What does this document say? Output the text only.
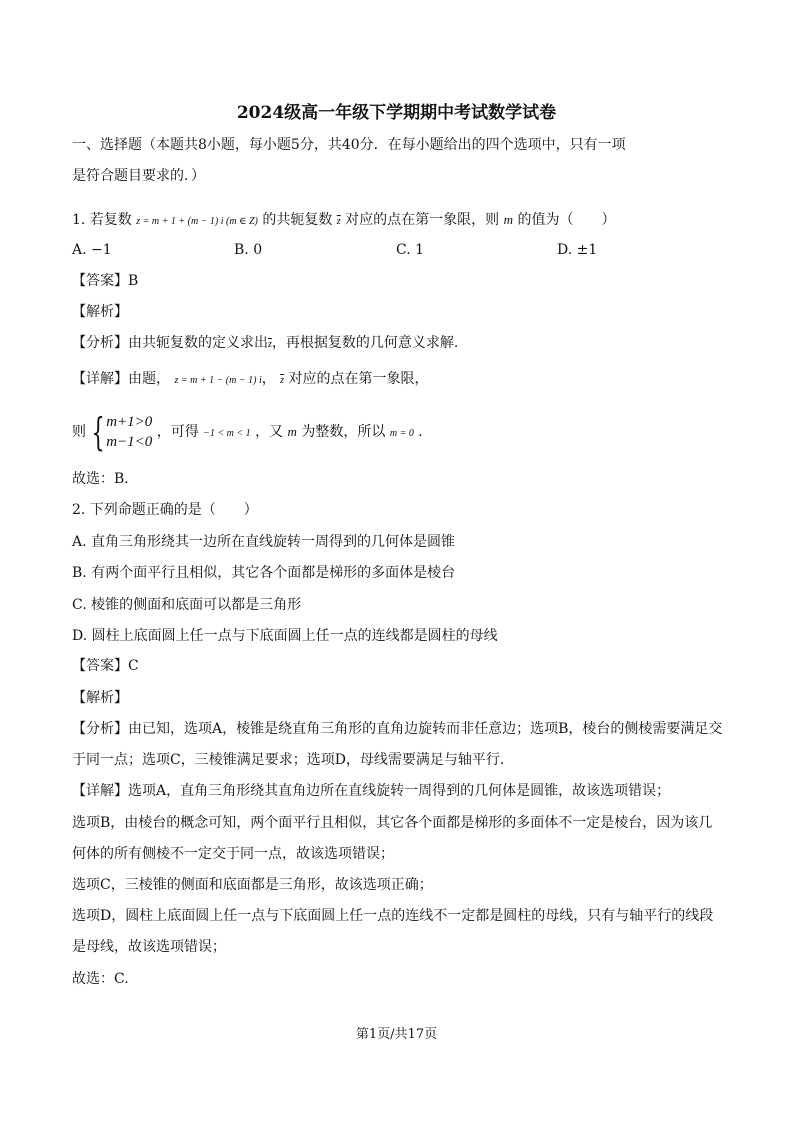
2024级高一年级下学期期中考试数学试卷
一、选择题（本题共8小题，每小题5分，共40分．在每小题给出的四个选项中，只有一项
是符合题目要求的．）
1. 若复数 z = m + 1 + (m − 1) i (m ∈ Z) 的共轭复数 $\overline{z}$ 对应的点在第一象限，则 m 的值为（　　）
A. −1	B. 0	C. 1	D. ±1
【答案】B
【解析】
【分析】由共轭复数的定义求出$\overline{z}$，再根据复数的几何意义求解.
【详解】由题， z = m + 1 − (m − 1) i， $\overline{z}$ 对应的点在第一象限，
则 { m+1>0
m−1<0
，可得 −1 < m < 1 ，又 m 为整数，所以 m = 0 ．
故选：B．
2. 下列命题正确的是（　　）
A. 直角三角形绕其一边所在直线旋转一周得到的几何体是圆锥
B. 有两个面平行且相似，其它各个面都是梯形的多面体是棱台
C. 棱锥的侧面和底面可以都是三角形
D. 圆柱上底面圆上任一点与下底面圆上任一点的连线都是圆柱的母线
【答案】C
【解析】
【分析】由已知，选项A，棱锥是绕直角三角形的直角边旋转而非任意边；选项B，棱台的侧棱需要满足交
于同一点；选项C，三棱锥满足要求；选项D，母线需要满足与轴平行.
【详解】选项A，直角三角形绕其直角边所在直线旋转一周得到的几何体是圆锥，故该选项错误；
选项B，由棱台的概念可知，两个面平行且相似，其它各个面都是梯形的多面体不一定是棱台，因为该几
何体的所有侧棱不一定交于同一点，故该选项错误；
选项C，三棱锥的侧面和底面都是三角形，故该选项正确；
选项D，圆柱上底面圆上任一点与下底面圆上任一点的连线不一定都是圆柱的母线，只有与轴平行的线段
是母线，故该选项错误；
故选：C.
第1页/共17页
